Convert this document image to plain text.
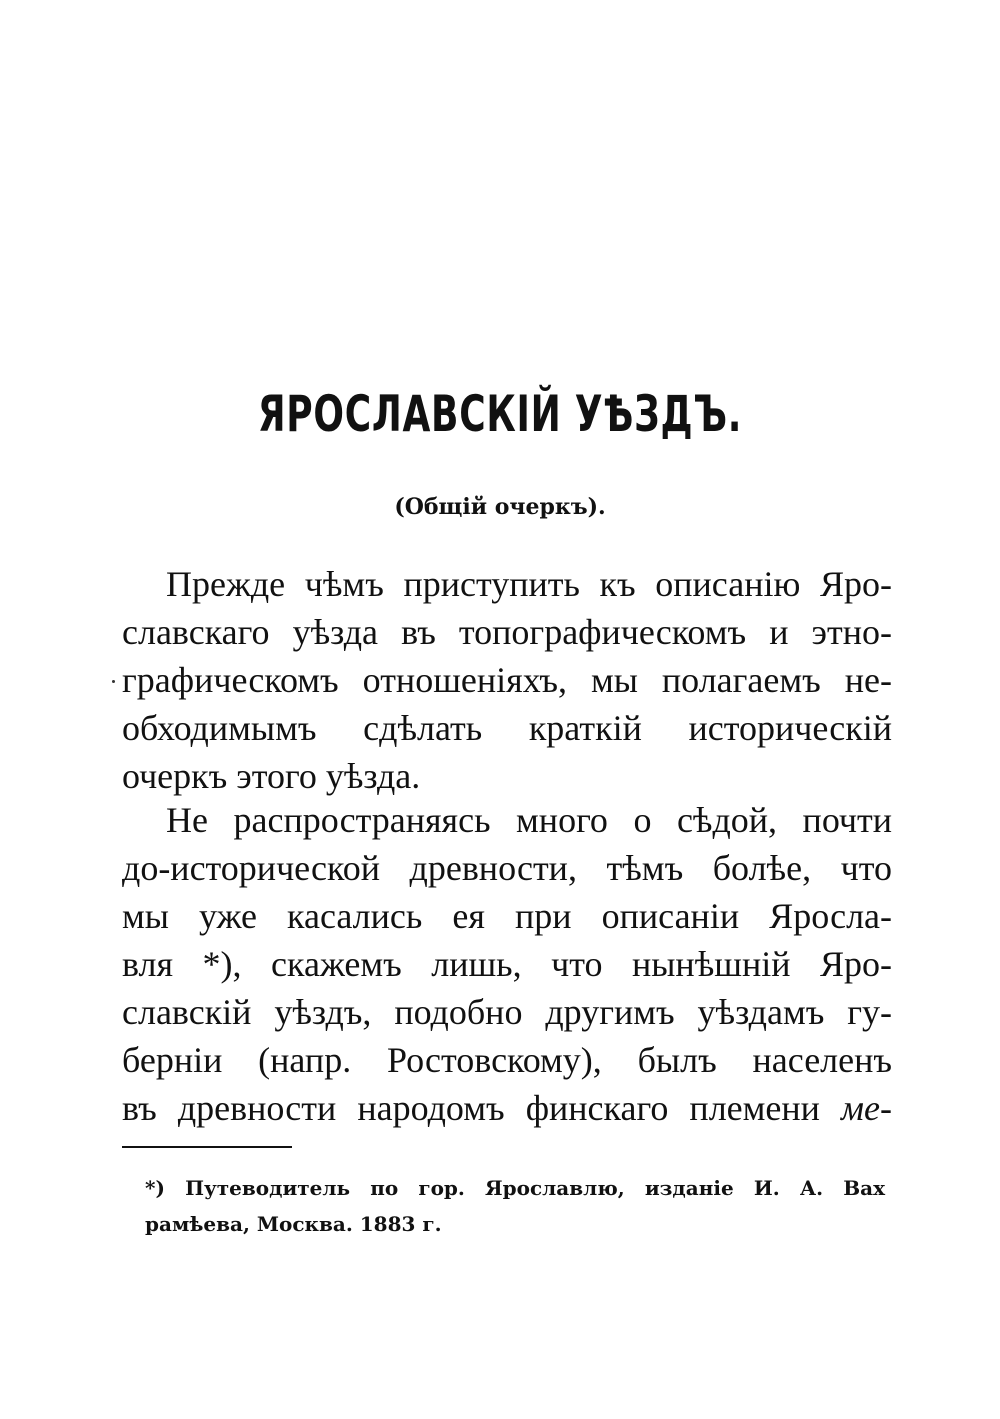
ЯРОСЛАВСКІЙ УѢЗДЪ.

(Общій очеркъ).

Прежде чѣмъ приступить къ описанію Яро-
славскаго уѣзда въ топографическомъ и этно-
графическомъ отношеніяхъ, мы полагаемъ не-
обходимымъ сдѣлать краткій историческій
очеркъ этого уѣзда.
Не распространяясь много о сѣдой, почти
до-исторической древности, тѣмъ болѣе, что
мы уже касались ея при описаніи Яросла-
вля *), скажемъ лишь, что нынѣшній Яро-
славскій уѣздъ, подобно другимъ уѣздамъ гу-
берніи (напр. Ростовскому), былъ населенъ
въ древности народомъ финскаго племени ме-
*) Путеводитель по гор. Ярославлю, изданіе И. А. Вах
рамѣева, Москва. 1883 г.
